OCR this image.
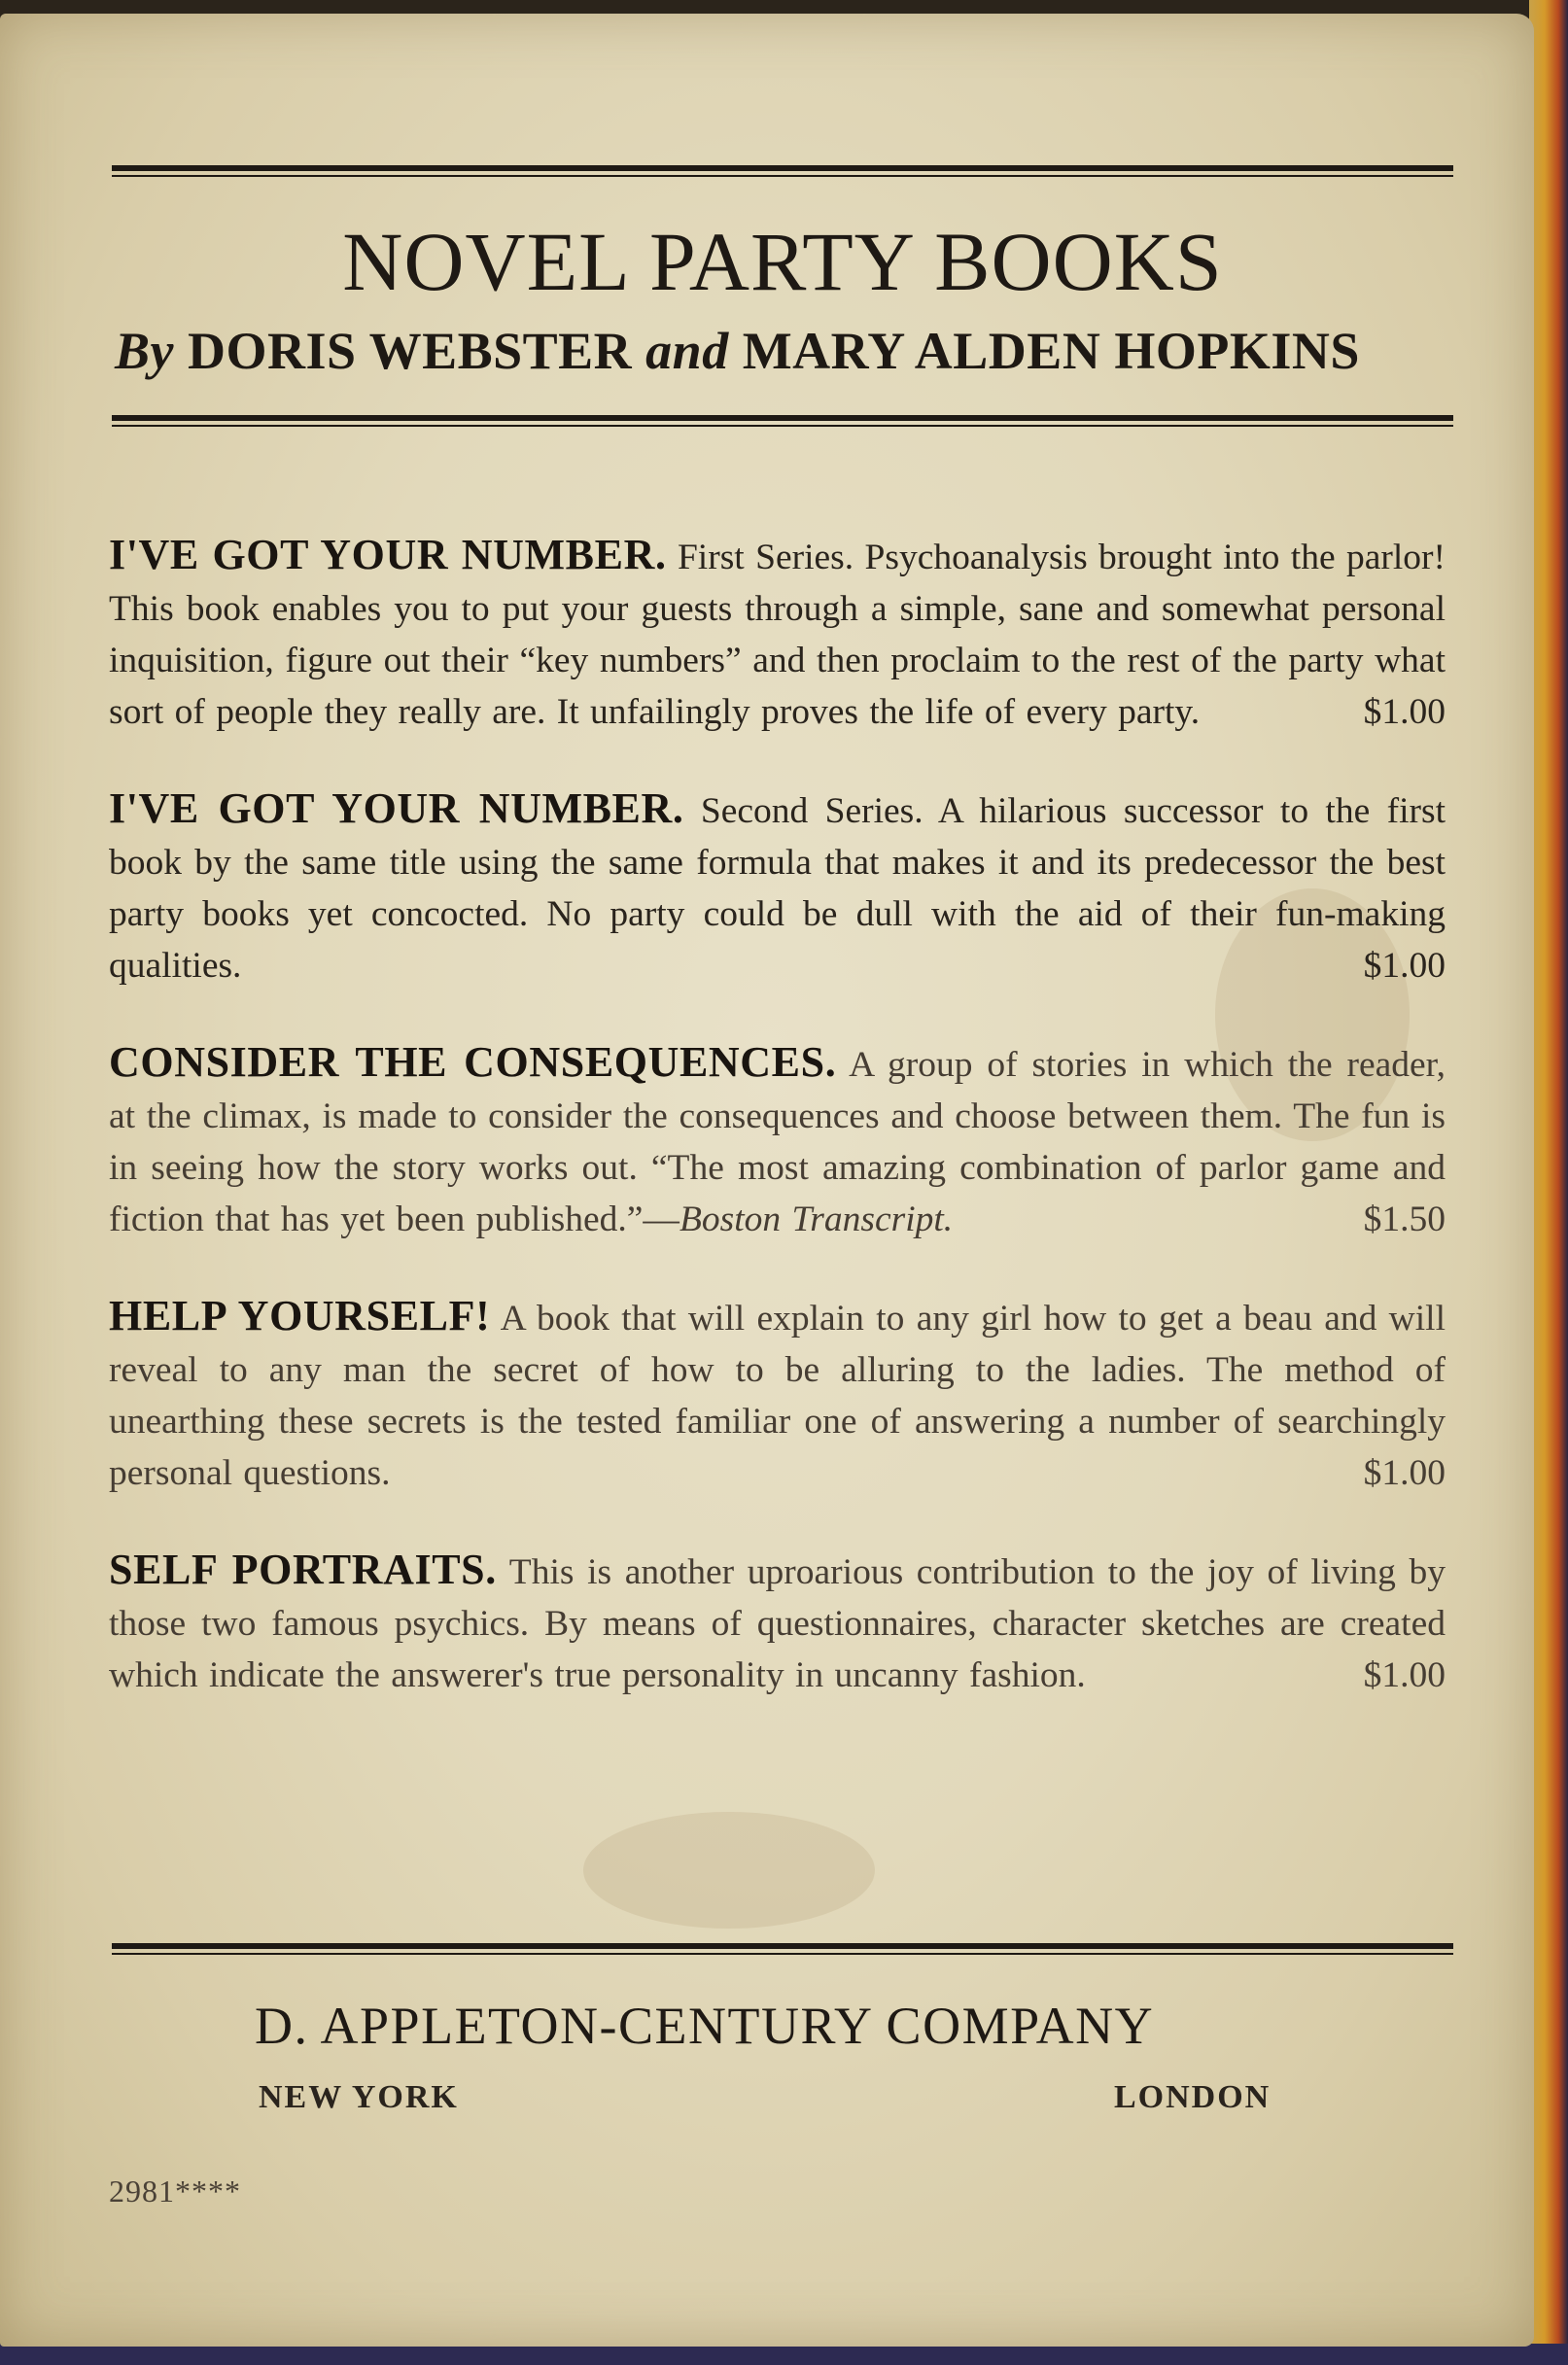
NOVEL PARTY BOOKS
By DORIS WEBSTER and MARY ALDEN HOPKINS

I'VE GOT YOUR NUMBER. First Series. Psychoanalysis brought into the parlor! This book enables you to put your guests through a simple, sane and somewhat personal inquisition, figure out their “key numbers” and then proclaim to the rest of the party what sort of people they really are. It unfailingly proves the life of every party.	$1.00

I'VE GOT YOUR NUMBER. Second Series. A hilarious successor to the first book by the same title using the same formula that makes it and its predecessor the best party books yet concocted. No party could be dull with the aid of their fun-making qualities.	$1.00

CONSIDER THE CONSEQUENCES. A group of stories in which the reader, at the climax, is made to consider the consequences and choose between them. The fun is in seeing how the story works out. “The most amazing combination of parlor game and fiction that has yet been published.”—Boston Transcript.	$1.50

HELP YOURSELF! A book that will explain to any girl how to get a beau and will reveal to any man the secret of how to be alluring to the ladies. The method of unearthing these secrets is the tested familiar one of answering a number of searchingly personal questions.	$1.00

SELF PORTRAITS. This is another uproarious contribution to the joy of living by those two famous psychics. By means of questionnaires, character sketches are created which indicate the answerer's true personality in uncanny fashion.	$1.00

D. APPLETON-CENTURY COMPANY
NEW YORK	LONDON
2981****
